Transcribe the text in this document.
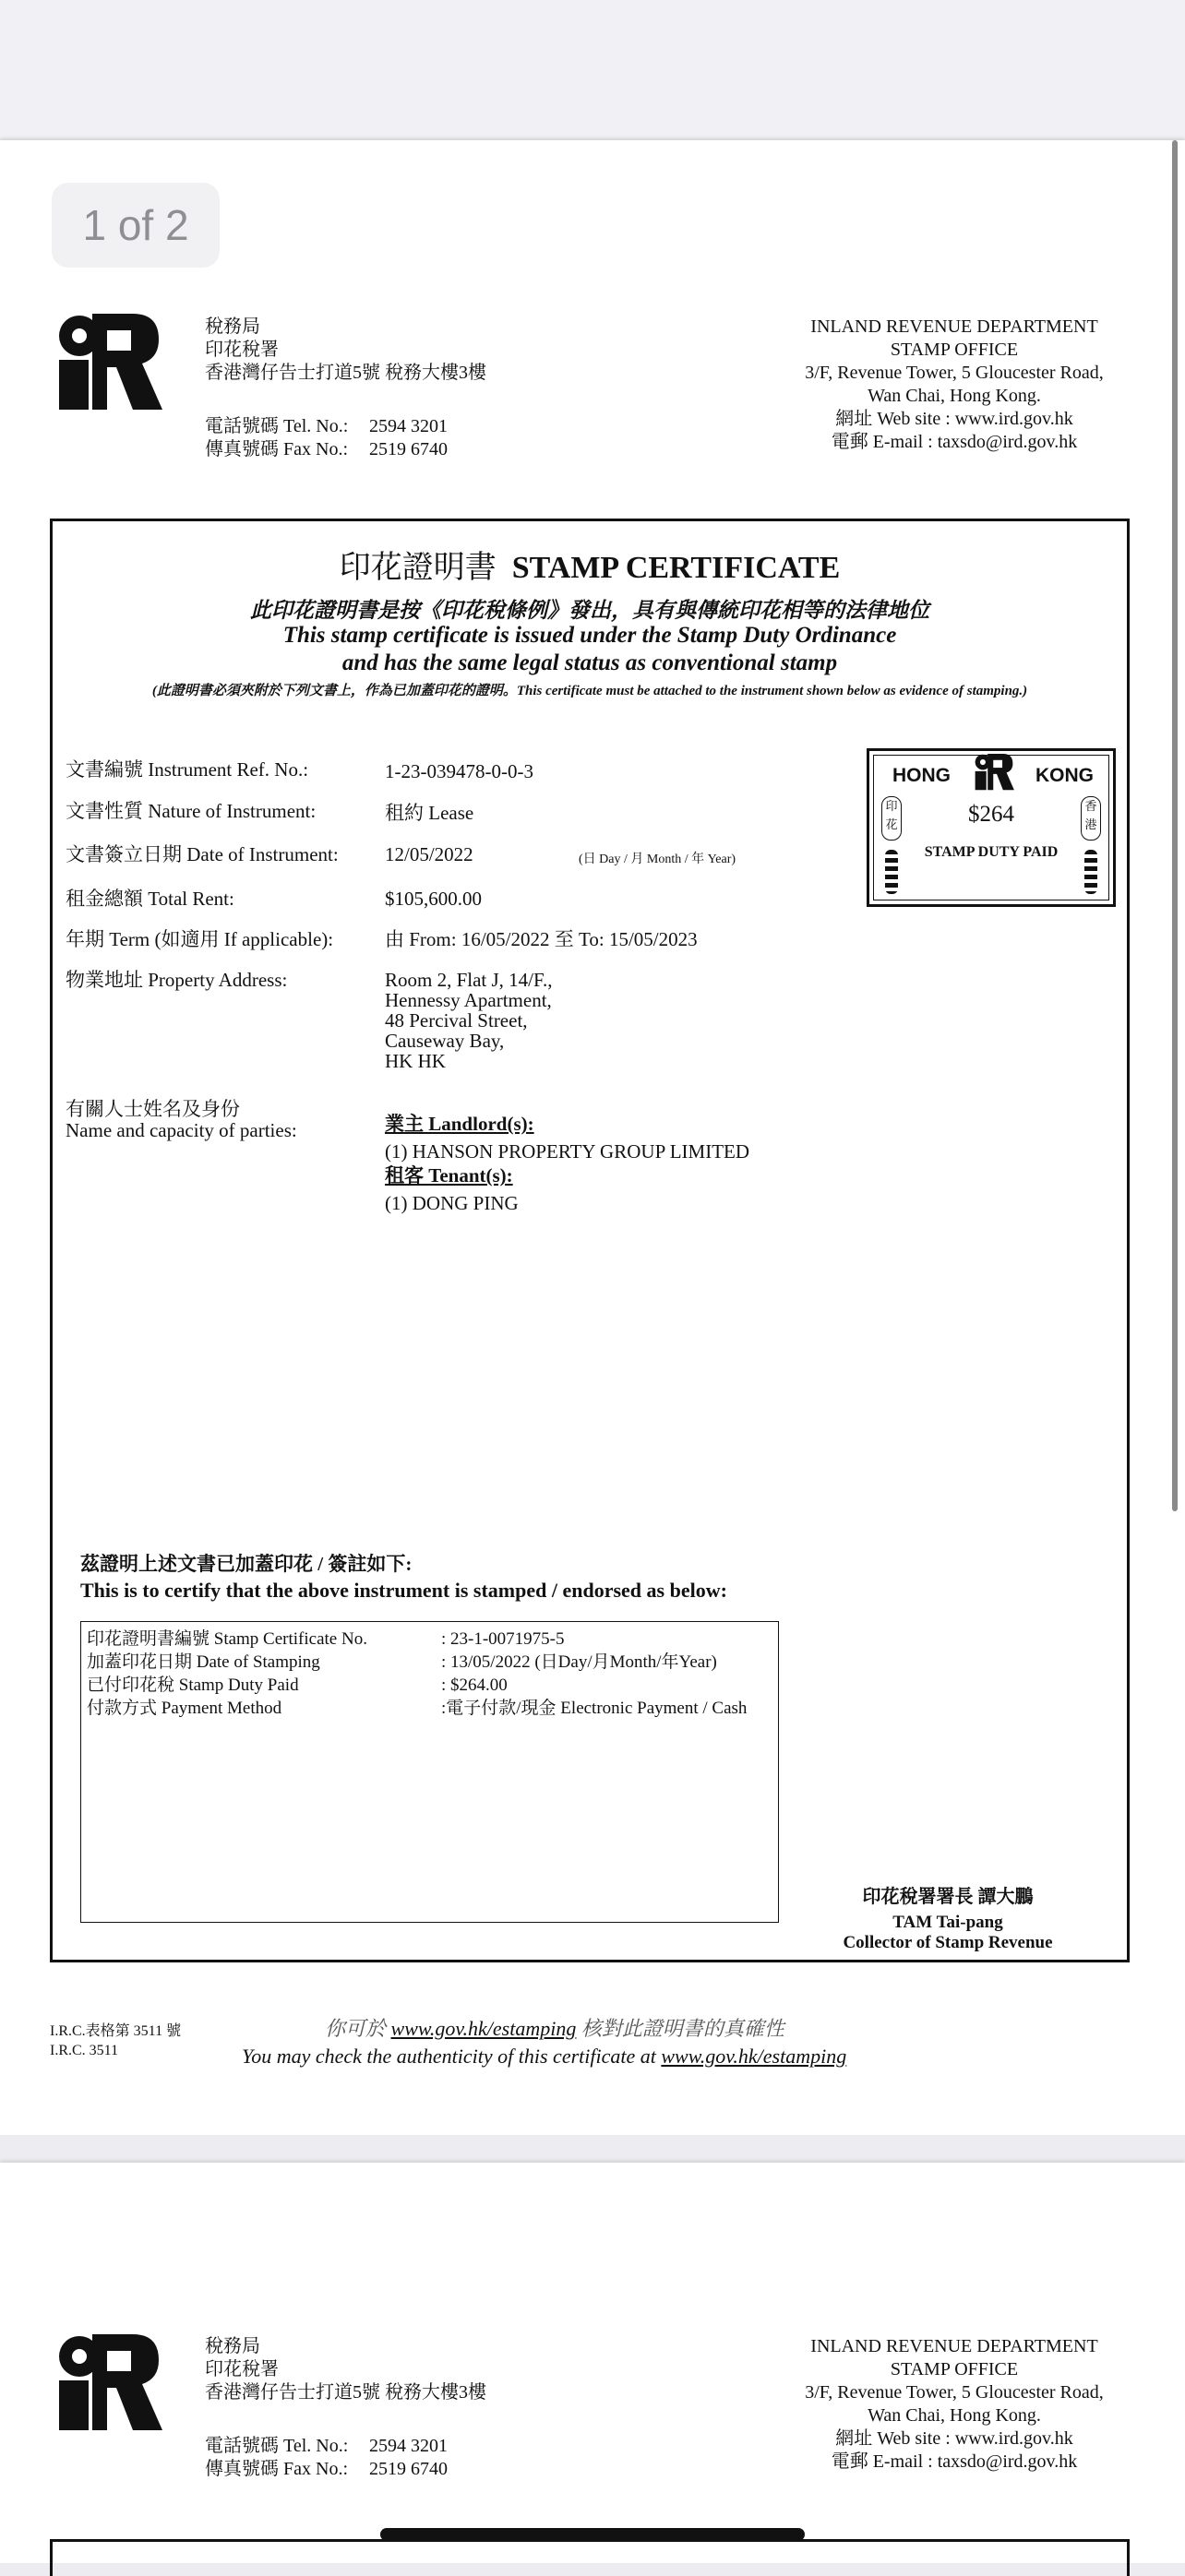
1 of 2
稅務局
印花稅署
香港灣仔告士打道5號 稅務大樓3樓
電話號碼 Tel. No.: 2594 3201
傳真號碼 Fax No.: 2519 6740
INLAND REVENUE DEPARTMENT
STAMP OFFICE
3/F, Revenue Tower, 5 Gloucester Road,
Wan Chai, Hong Kong.
網址 Web site : www.ird.gov.hk
電郵 E-mail : taxsdo@ird.gov.hk
印花證明書 STAMP CERTIFICATE
此印花證明書是按《印花稅條例》發出，具有與傳統印花相等的法律地位
This stamp certificate is issued under the Stamp Duty Ordinance
and has the same legal status as conventional stamp
(此證明書必須夾附於下列文書上，作為已加蓋印花的證明。This certificate must be attached to the instrument shown below as evidence of stamping.)
文書編號 Instrument Ref. No.:	1-23-039478-0-0-3
文書性質 Nature of Instrument:	租約 Lease
文書簽立日期 Date of Instrument: 12/05/2022	(日 Day / 月 Month / 年 Year)
租金總額 Total Rent:	$105,600.00
年期 Term (如適用 If applicable):	由 From: 16/05/2022 至 To: 15/05/2023
物業地址 Property Address:	Room 2, Flat J, 14/F.,
Hennessy Apartment,
48 Percival Street,
Causeway Bay,
HK HK
有關人士姓名及身份
Name and capacity of parties:	業主 Landlord(s):
(1) HANSON PROPERTY GROUP LIMITED
租客 Tenant(s):
(1) DONG PING
HONG	KONG
印花
香港
$264
STAMP DUTY PAID
茲證明上述文書已加蓋印花 / 簽註如下:
This is to certify that the above instrument is stamped / endorsed as below:
印花證明書編號 Stamp Certificate No.	: 23-1-0071975-5
加蓋印花日期 Date of Stamping	: 13/05/2022 (日Day/月Month/年Year)
已付印花稅 Stamp Duty Paid	: $264.00
付款方式 Payment Method	:電子付款/現金 Electronic Payment / Cash
印花稅署署長 譚大鵬
TAM Tai-pang
Collector of Stamp Revenue
I.R.C.表格第 3511 號
I.R.C. 3511
你可於 www.gov.hk/estamping 核對此證明書的真確性
You may check the authenticity of this certificate at www.gov.hk/estamping
稅務局
印花稅署
香港灣仔告士打道5號 稅務大樓3樓
電話號碼 Tel. No.: 2594 3201
傳真號碼 Fax No.: 2519 6740
INLAND REVENUE DEPARTMENT
STAMP OFFICE
3/F, Revenue Tower, 5 Gloucester Road,
Wan Chai, Hong Kong.
網址 Web site : www.ird.gov.hk
電郵 E-mail : taxsdo@ird.gov.hk
